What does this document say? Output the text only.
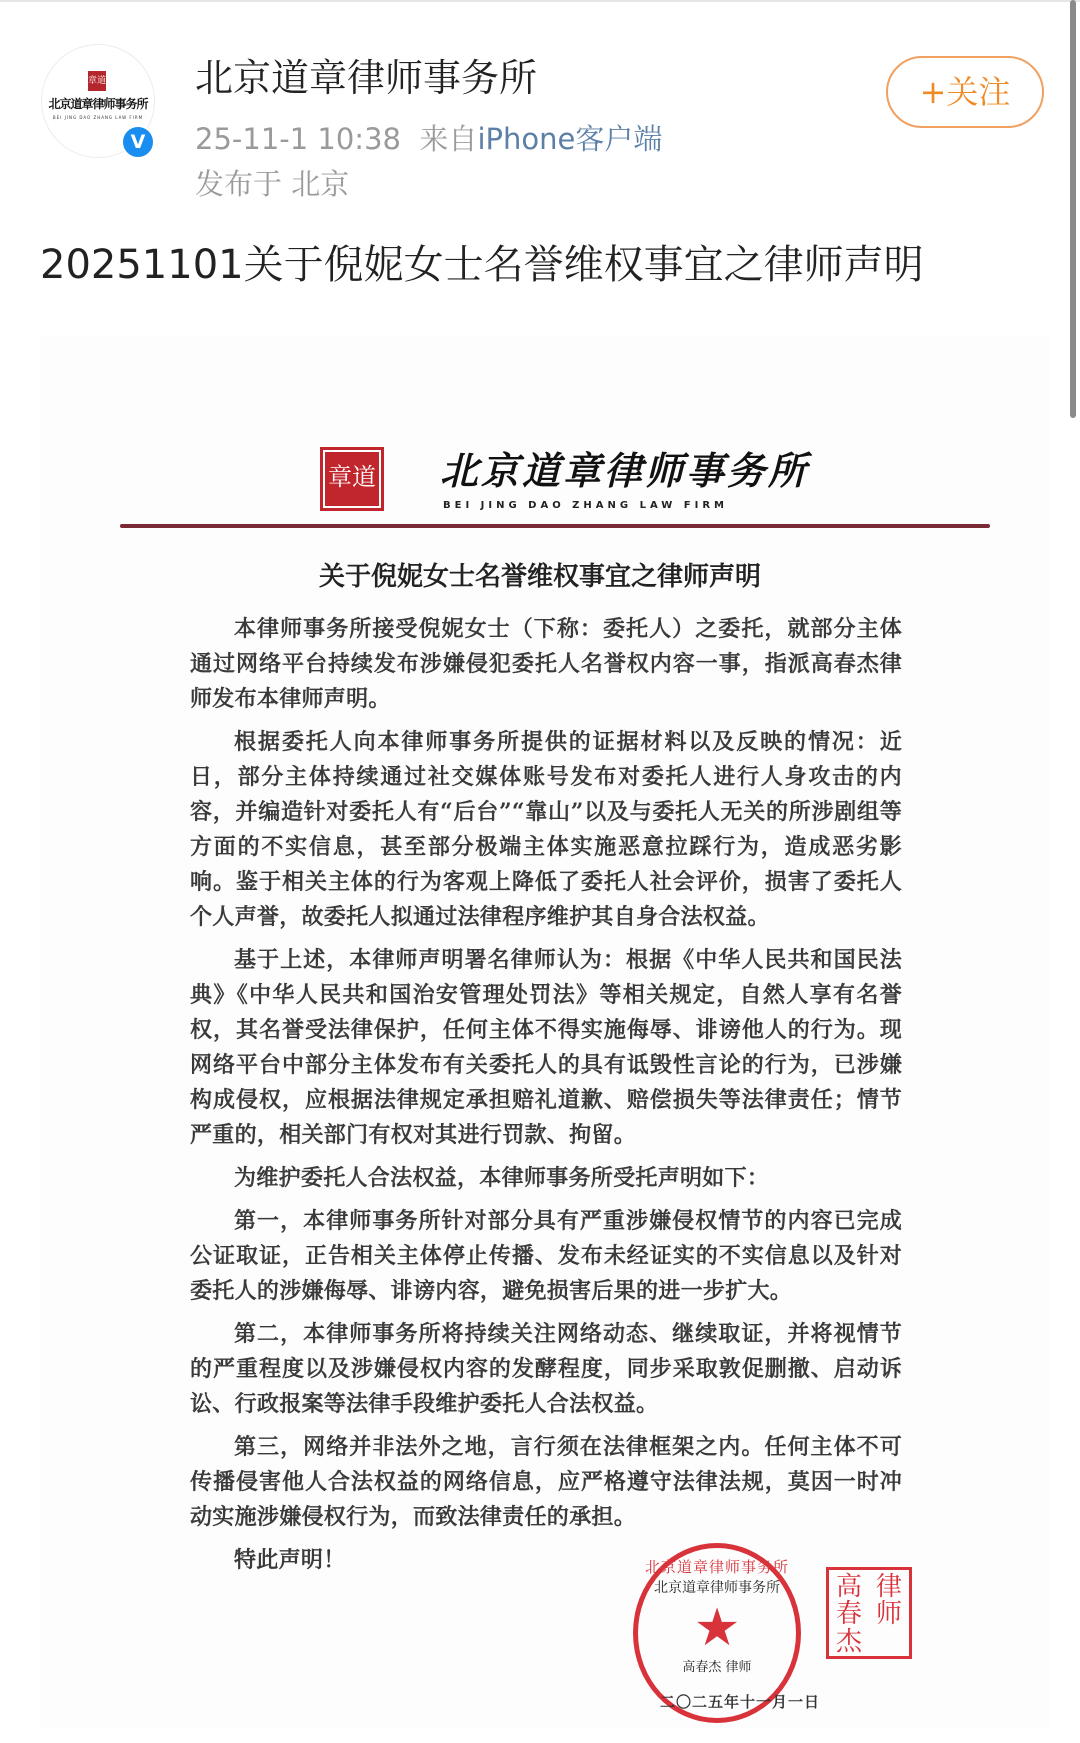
章道
北京道章律师事务所
BEI JING DAO ZHANG LAW FIRM
V
北京道章律师事务所
25-11-1 10:38 来自iPhone客户端
发布于 北京
+关注
20251101关于倪妮女士名誉维权事宜之律师声明
章道 北京道章律师事务所
BEI JING DAO ZHANG LAW FIRM
关于倪妮女士名誉维权事宜之律师声明

本律师事务所接受倪妮女士（下称：委托人）之委托，就部分主体通过网络平台持续发布涉嫌侵犯委托人名誉权内容一事，指派高春杰律师发布本律师声明。

根据委托人向本律师事务所提供的证据材料以及反映的情况：近日，部分主体持续通过社交媒体账号发布对委托人进行人身攻击的内容，并编造针对委托人有“后台”“靠山”以及与委托人无关的所涉剧组等方面的不实信息，甚至部分极端主体实施恶意拉踩行为，造成恶劣影响。鉴于相关主体的行为客观上降低了委托人社会评价，损害了委托人个人声誉，故委托人拟通过法律程序维护其自身合法权益。

基于上述，本律师声明署名律师认为：根据《中华人民共和国民法典》《中华人民共和国治安管理处罚法》等相关规定，自然人享有名誉权，其名誉受法律保护，任何主体不得实施侮辱、诽谤他人的行为。现网络平台中部分主体发布有关委托人的具有诋毁性言论的行为，已涉嫌构成侵权，应根据法律规定承担赔礼道歉、赔偿损失等法律责任；情节严重的，相关部门有权对其进行罚款、拘留。

为维护委托人合法权益，本律师事务所受托声明如下：

第一，本律师事务所针对部分具有严重涉嫌侵权情节的内容已完成公证取证，正告相关主体停止传播、发布未经证实的不实信息以及针对委托人的涉嫌侮辱、诽谤内容，避免损害后果的进一步扩大。

第二，本律师事务所将持续关注网络动态、继续取证，并将视情节的严重程度以及涉嫌侵权内容的发酵程度，同步采取敦促删撤、启动诉讼、行政报案等法律手段维护委托人合法权益。

第三，网络并非法外之地，言行须在法律框架之内。任何主体不可传播侵害他人合法权益的网络信息，应严格遵守法律法规，莫因一时冲动实施涉嫌侵权行为，而致法律责任的承担。

特此声明！	北京道章律师事务所
北京道章律师事务所
★
高春杰 律师
高 律
春 师
杰
二〇二五年十一月一日
